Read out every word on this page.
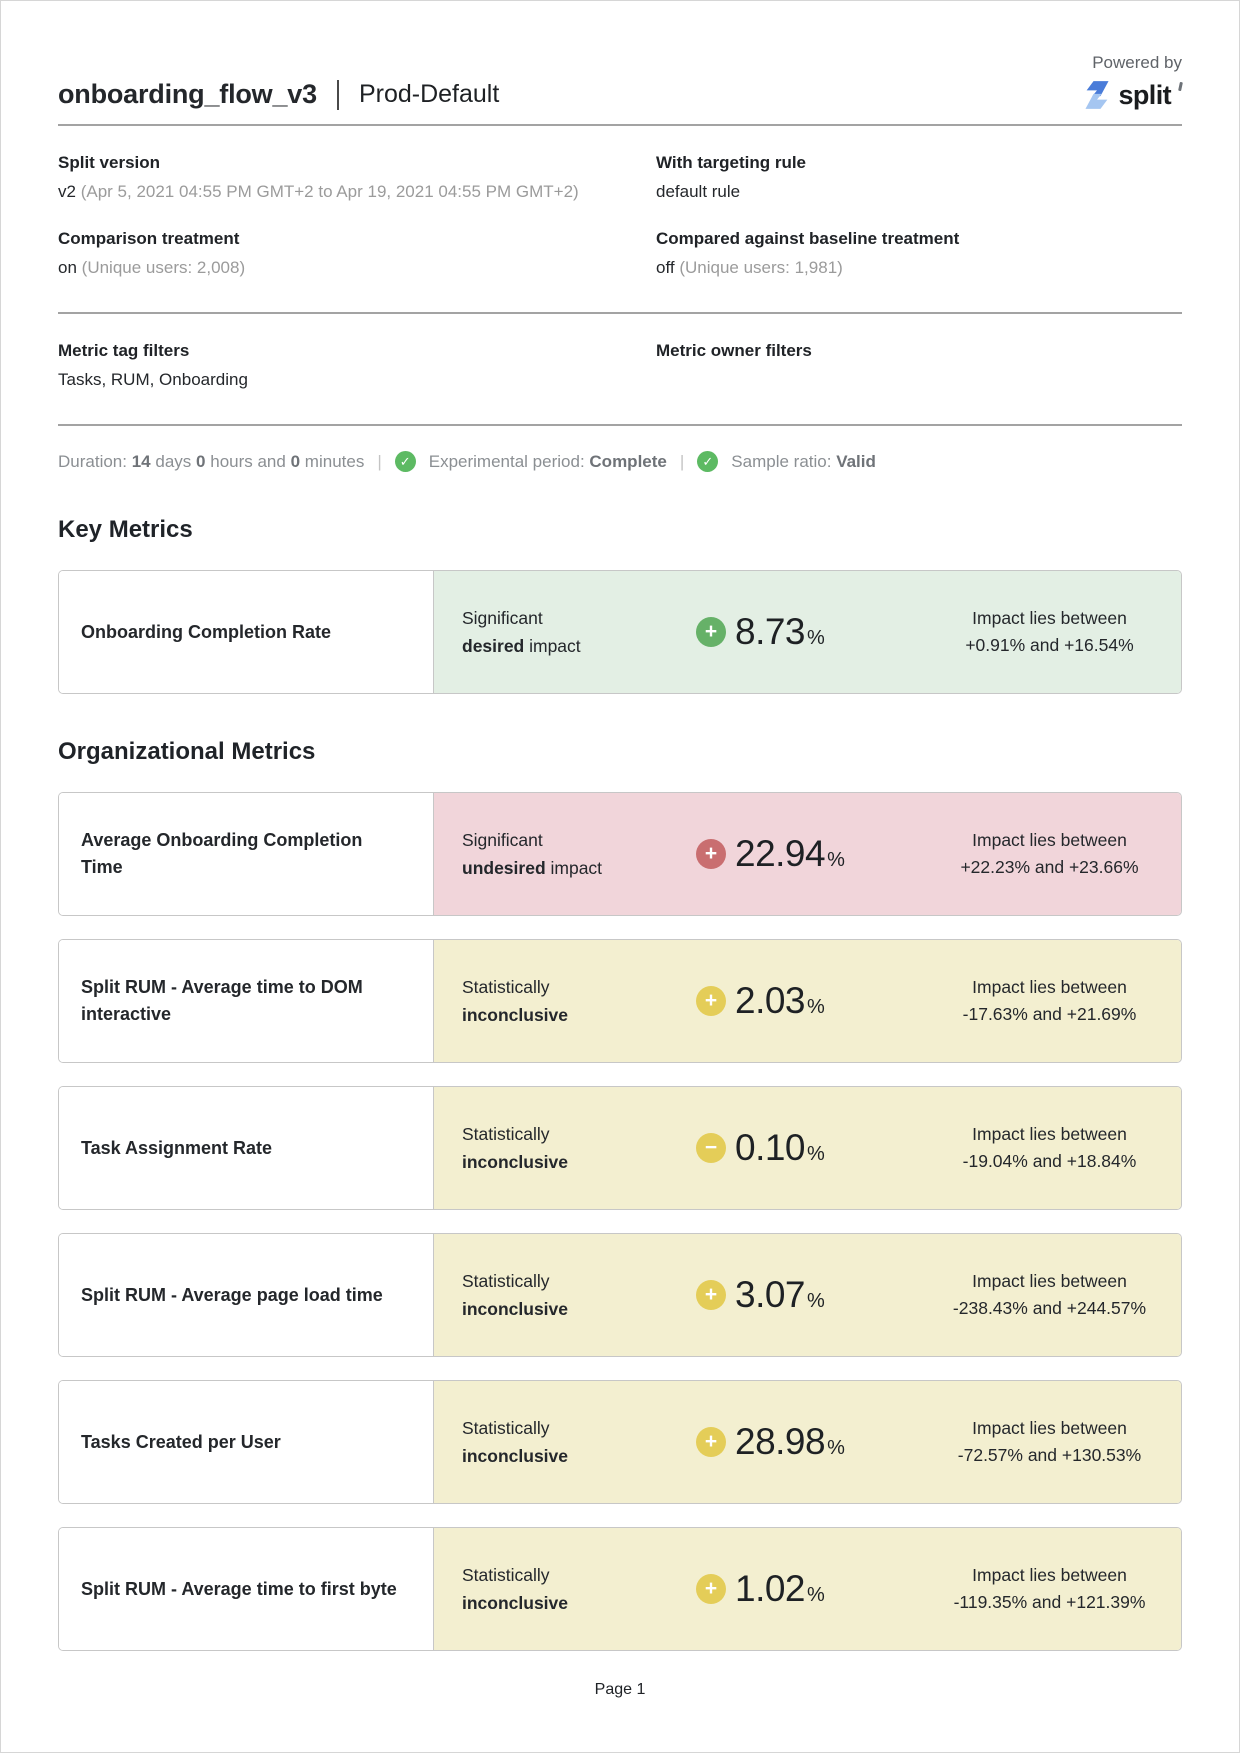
Powered by
onboarding_flow_v3 Prod-Default	split
Split version
v2 (Apr 5, 2021 04:55 PM GMT+2 to Apr 19, 2021 04:55 PM GMT+2)
With targeting rule
default rule
Comparison treatment
on (Unique users: 2,008)
Compared against baseline treatment
off (Unique users: 1,981)
Metric tag filters
Tasks, RUM, Onboarding
Metric owner filters
Duration: 14 days 0 hours and 0 minutes |	✓ Experimental period: Complete |	✓ Sample ratio: Valid
Key Metrics
Onboarding Completion Rate
Significant
desired impact
+ 8.73 %
Impact lies between
+0.91% and +16.54%
Organizational Metrics
Average Onboarding Completion Time
Significant
undesired impact
+ 22.94 %
Impact lies between
+22.23% and +23.66%
Split RUM - Average time to DOM interactive
Statistically
inconclusive
+ 2.03 %
Impact lies between
-17.63% and +21.69%
Task Assignment Rate
Statistically
inconclusive
− 0.10 %
Impact lies between
-19.04% and +18.84%
Split RUM - Average page load time
Statistically
inconclusive
+ 3.07 %
Impact lies between
-238.43% and +244.57%
Tasks Created per User
Statistically
inconclusive
+ 28.98 %
Impact lies between
-72.57% and +130.53%
Split RUM - Average time to first byte
Statistically
inconclusive
+ 1.02 %
Impact lies between
-119.35% and +121.39%
Page 1
